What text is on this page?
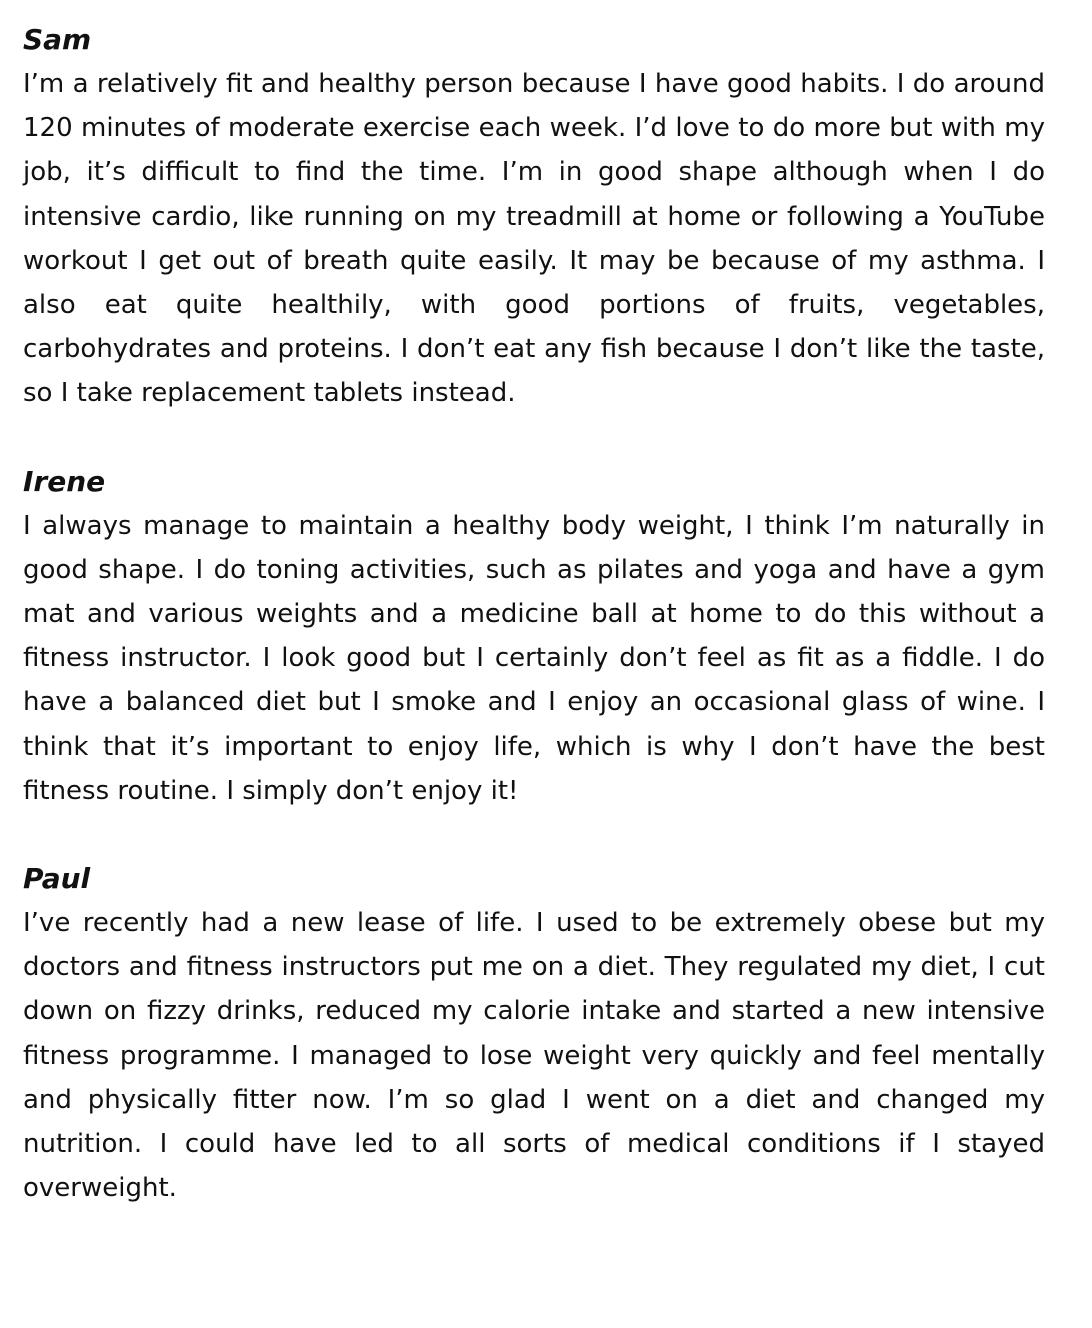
Sam

I’m a relatively fit and healthy person because I have good habits. I do around 120 minutes of moderate exercise each week. I’d love to do more but with my job, it’s difficult to find the time. I’m in good shape although when I do intensive cardio, like running on my treadmill at home or following a YouTube workout I get out of breath quite easily. It may be because of my asthma. I also eat quite healthily, with good portions of fruits, vegetables, carbohydrates and proteins. I don’t eat any fish because I don’t like the taste, so I take replacement tablets instead.

Irene

I always manage to maintain a healthy body weight, I think I’m naturally in good shape. I do toning activities, such as pilates and yoga and have a gym mat and various weights and a medicine ball at home to do this without a fitness instructor. I look good but I certainly don’t feel as fit as a fiddle. I do have a balanced diet but I smoke and I enjoy an occasional glass of wine. I think that it’s important to enjoy life, which is why I don’t have the best fitness routine. I simply don’t enjoy it!

Paul

I’ve recently had a new lease of life. I used to be extremely obese but my doctors and fitness instructors put me on a diet. They regulated my diet, I cut down on fizzy drinks, reduced my calorie intake and started a new intensive fitness programme. I managed to lose weight very quickly and feel mentally and physically fitter now. I’m so glad I went on a diet and changed my nutrition. I could have led to all sorts of medical conditions if I stayed overweight.
